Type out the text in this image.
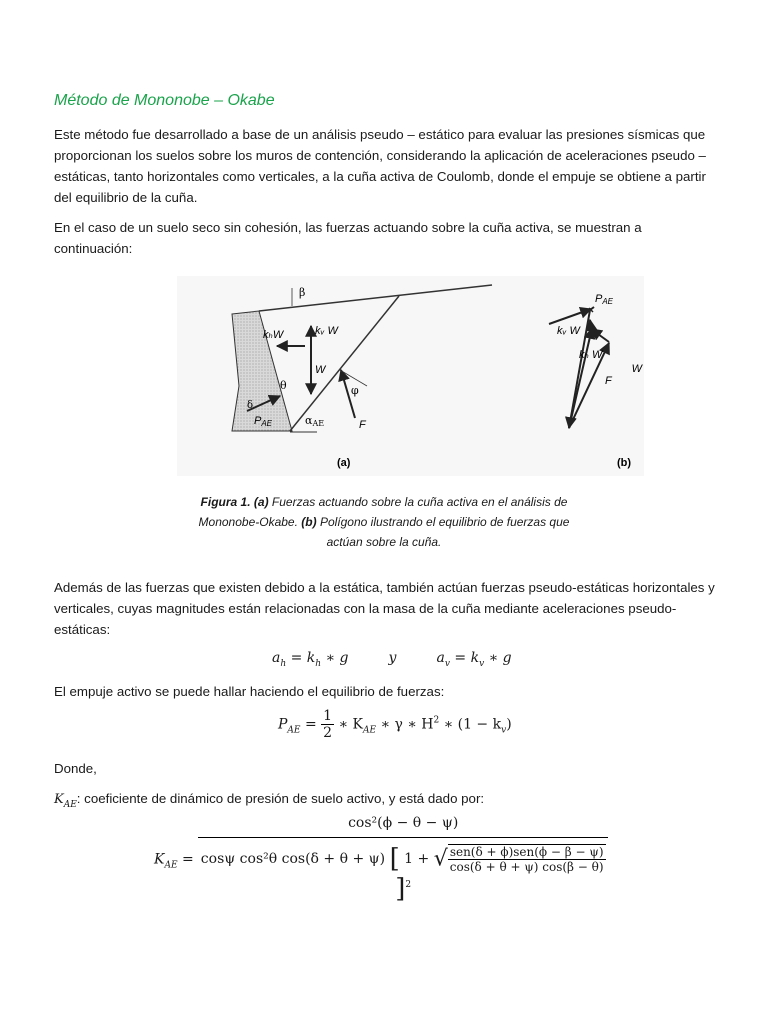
Método de Mononobe – Okabe
Este método fue desarrollado a base de un análisis pseudo – estático para evaluar las presiones sísmicas que proporcionan los suelos sobre los muros de contención, considerando la aplicación de aceleraciones pseudo – estáticas, tanto horizontales como verticales, a la cuña activa de Coulomb, donde el empuje se obtiene a partir del equilibrio de la cuña.
En el caso de un suelo seco sin cohesión, las fuerzas actuando sobre la cuña activa, se muestran a continuación:
β
kₕW	kᵥ W
W
θ
δ
PAE	αAE	F
φ
(a)
PAE
kᵥ W
kₕ W
F
W
(b)
Figura 1. (a) Fuerzas actuando sobre la cuña activa en el análisis de Mononobe-Okabe. (b) Polígono ilustrando el equilibrio de fuerzas que actúan sobre la cuña.
Además de las fuerzas que existen debido a la estática, también actúan fuerzas pseudo-estáticas horizontales y verticales, cuyas magnitudes están relacionadas con la masa de la cuña mediante aceleraciones pseudo-estáticas:
$a_h = k_h$ ∗ g	y	$a_v = k_v$ ∗ g
El empuje activo se puede hallar haciendo el equilibrio de fuerzas:
$P_{AE} = \frac{1}{2}$ ∗ $K_{AE}$ ∗ γ ∗ $H^2$ ∗ $(1 - k_v)$
Donde,
$K_{AE}$: coeficiente de dinámico de presión de suelo activo, y está dado por:
$K_{AE}$ =
cos²(ϕ − θ − ψ)
cosψ cos²θ cos(δ + θ + ψ) [ 1 + √ $\frac{\text{sen(δ + ϕ)sen(ϕ − β − ψ)}}{\cos(\delta + \theta + \psi) \cos(\beta - \theta)}$
]$^2$
